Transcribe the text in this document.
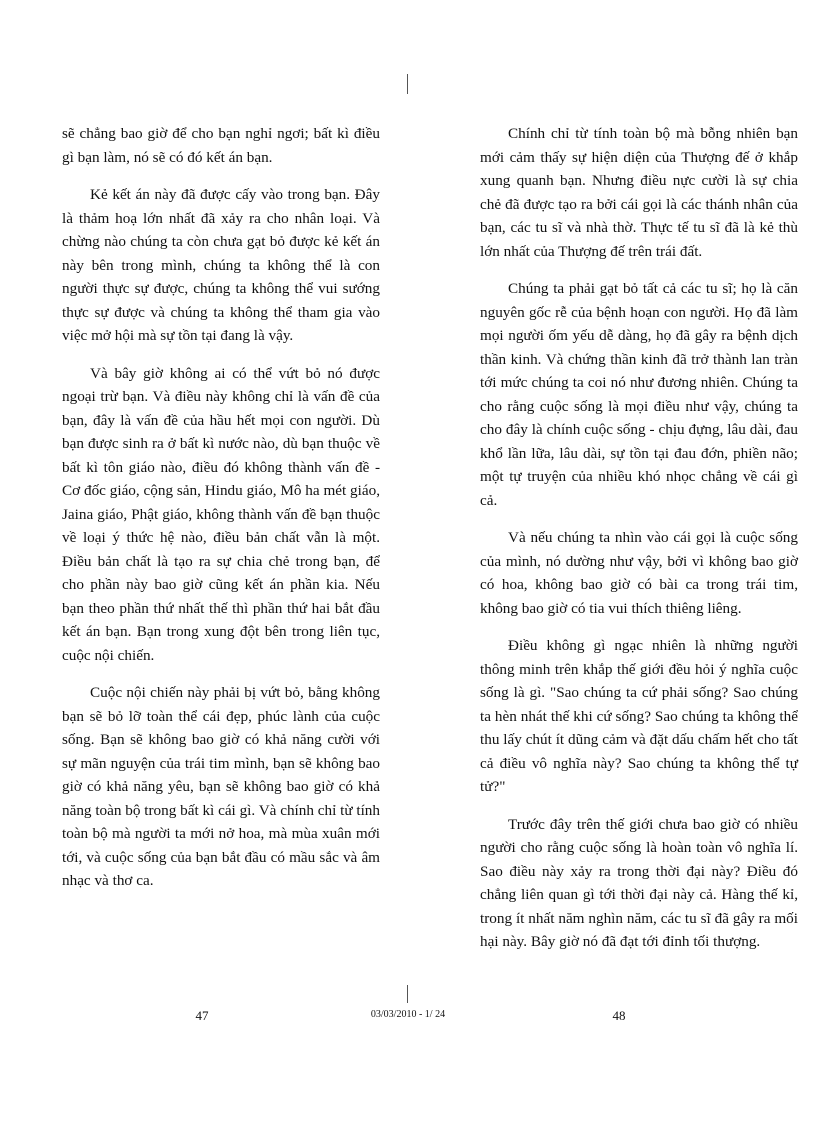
sẽ chẳng bao giờ để cho bạn nghỉ ngơi; bất kì điều gì bạn làm, nó sẽ có đó kết án bạn.

Kẻ kết án này đã được cấy vào trong bạn. Đây là thảm hoạ lớn nhất đã xảy ra cho nhân loại. Và chừng nào chúng ta còn chưa gạt bỏ được kẻ kết án này bên trong mình, chúng ta không thể là con người thực sự được, chúng ta không thể vui sướng thực sự được và chúng ta không thể tham gia vào việc mở hội mà sự tồn tại đang là vậy.

Và bây giờ không ai có thể vứt bỏ nó được ngoại trừ bạn. Và điều này không chỉ là vấn đề của bạn, đây là vấn đề của hầu hết mọi con người. Dù bạn được sinh ra ở bất kì nước nào, dù bạn thuộc về bất kì tôn giáo nào, điều đó không thành vấn đề - Cơ đốc giáo, cộng sản, Hindu giáo, Mô ha mét giáo, Jaina giáo, Phật giáo, không thành vấn đề bạn thuộc về loại ý thức hệ nào, điều bản chất vẫn là một. Điều bản chất là tạo ra sự chia chẻ trong bạn, để cho phần này bao giờ cũng kết án phần kia. Nếu bạn theo phần thứ nhất thế thì phần thứ hai bắt đầu kết án bạn. Bạn trong xung đột bên trong liên tục, cuộc nội chiến.

Cuộc nội chiến này phải bị vứt bỏ, bằng không bạn sẽ bỏ lỡ toàn thể cái đẹp, phúc lành của cuộc sống. Bạn sẽ không bao giờ có khả năng cười với sự mãn nguyện của trái tim mình, bạn sẽ không bao giờ có khả năng yêu, bạn sẽ không bao giờ có khả năng toàn bộ trong bất kì cái gì. Và chính chỉ từ tính toàn bộ mà người ta mới nở hoa, mà mùa xuân mới tới, và cuộc sống của bạn bắt đầu có mầu sắc và âm nhạc và thơ ca.

Chính chỉ từ tính toàn bộ mà bỗng nhiên bạn mới cảm thấy sự hiện diện của Thượng đế ở khắp xung quanh bạn. Nhưng điều nực cười là sự chia chẻ đã được tạo ra bởi cái gọi là các thánh nhân của bạn, các tu sĩ và nhà thờ. Thực tế tu sĩ đã là kẻ thù lớn nhất của Thượng đế trên trái đất.

Chúng ta phải gạt bỏ tất cả các tu sĩ; họ là căn nguyên gốc rễ của bệnh hoạn con người. Họ đã làm mọi người ốm yếu dễ dàng, họ đã gây ra bệnh dịch thần kinh. Và chứng thần kinh đã trở thành lan tràn tới mức chúng ta coi nó như đương nhiên. Chúng ta cho rằng cuộc sống là mọi điều như vậy, chúng ta cho đây là chính cuộc sống - chịu đựng, lâu dài, đau khổ lần lữa, lâu dài, sự tồn tại đau đớn, phiền não; một tự truyện của nhiều khó nhọc chẳng về cái gì cả.

Và nếu chúng ta nhìn vào cái gọi là cuộc sống của mình, nó dường như vậy, bởi vì không bao giờ có hoa, không bao giờ có bài ca trong trái tim, không bao giờ có tia vui thích thiêng liêng.

Điều không gì ngạc nhiên là những người thông minh trên khắp thế giới đều hỏi ý nghĩa cuộc sống là gì. "Sao chúng ta cứ phải sống? Sao chúng ta hèn nhát thế khi cứ sống? Sao chúng ta không thể thu lấy chút ít dũng cảm và đặt dấu chấm hết cho tất cả điều vô nghĩa này? Sao chúng ta không thể tự tử?"

Trước đây trên thế giới chưa bao giờ có nhiều người cho rằng cuộc sống là hoàn toàn vô nghĩa lí. Sao điều này xảy ra trong thời đại này? Điều đó chẳng liên quan gì tới thời đại này cả. Hàng thế kỉ, trong ít nhất năm nghìn năm, các tu sĩ đã gây ra mối hại này. Bây giờ nó đã đạt tới đỉnh tối thượng.

47	03/03/2010 - 1/ 24	48
